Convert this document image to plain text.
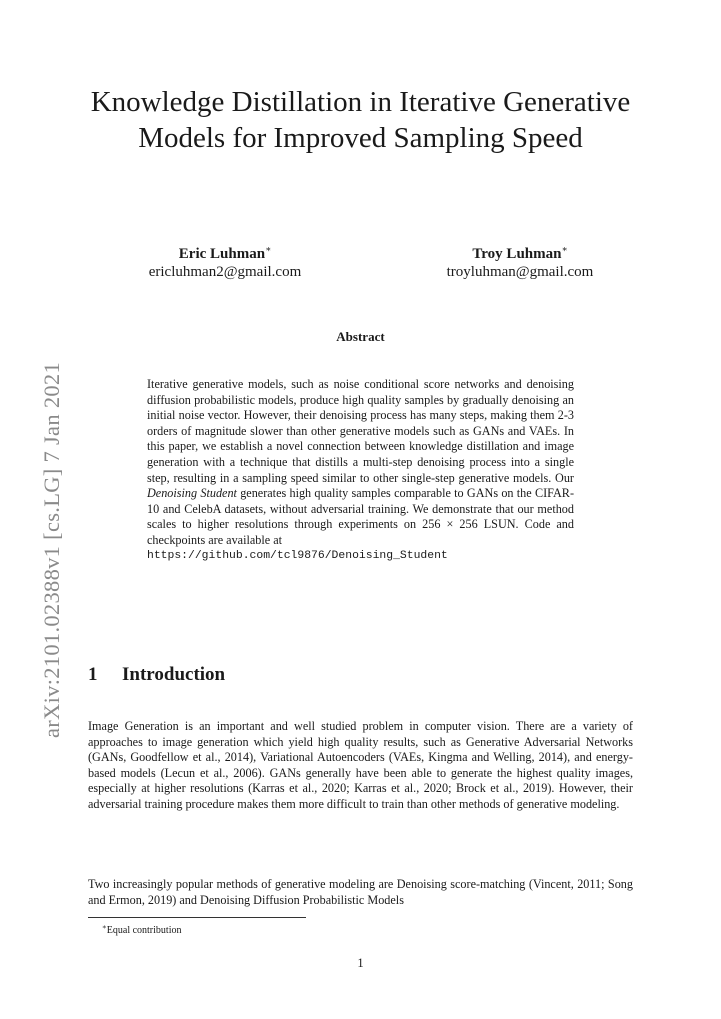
arXiv:2101.02388v1 [cs.LG] 7 Jan 2021
Knowledge Distillation in Iterative Generative Models for Improved Sampling Speed
Eric Luhman∗
ericluhman2@gmail.com
Troy Luhman∗
troyluhman@gmail.com
Abstract

Iterative generative models, such as noise conditional score networks and denoising diffusion probabilistic models, produce high quality samples by gradually denoising an initial noise vector. However, their denoising process has many steps, making them 2-3 orders of magnitude slower than other generative models such as GANs and VAEs. In this paper, we establish a novel connection between knowledge distillation and image generation with a technique that distills a multi-step denoising process into a single step, resulting in a sampling speed similar to other single-step generative models. Our Denoising Student generates high quality samples comparable to GANs on the CIFAR-10 and CelebA datasets, without adversarial training. We demonstrate that our method scales to higher resolutions through experiments on 256 × 256 LSUN. Code and checkpoints are available at
https://github.com/tcl9876/Denoising_Student

1 Introduction

Image Generation is an important and well studied problem in computer vision. There are a variety of approaches to image generation which yield high quality results, such as Generative Adversarial Networks (GANs, Goodfellow et al., 2014), Variational Autoencoders (VAEs, Kingma and Welling, 2014), and energy-based models (Lecun et al., 2006). GANs generally have been able to generate the highest quality images, especially at higher resolutions (Karras et al., 2020; Karras et al., 2020; Brock et al., 2019). However, their adversarial training procedure makes them more difficult to train than other methods of generative modeling.

Two increasingly popular methods of generative modeling are Denoising score-matching (Vincent, 2011; Song and Ermon, 2019) and Denoising Diffusion Probabilistic Models

∗Equal contribution
1
